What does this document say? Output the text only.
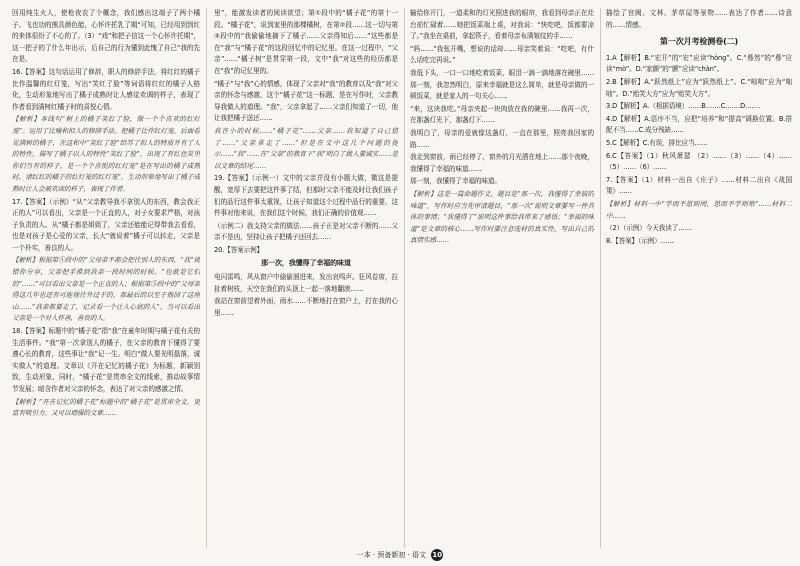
回用纯生火人，使枪夜农了个概念，我们感出这端子了两个橘子。飞也功的熊具颜色能，心怀许托乳了期“可知，已经用到到红的来体很纷了不心的了。（3）“戏”和把子信这一个心怀许托期”，这一把子的了什么年出示，后自己的行为懂到此愧了自己“我的先在是。
16.【答案】这句话运用了修辞，职人的修辞手法，将红红的橘子比作温馨的红灯笼，写出“笑红了脸”等词语将红红的橘子人格化，生动形象地写出了橘子成熟时让人感觉欢调的样子，表现了作者看到满树红橘子时的喜悦心情。
【解析】本线句“树上的橘子笑红了脸，像一个个喜欢的红灯笼”。运用了比喻和拟人的修辞手法。把橘子比作红灯笼，后面看见满树的橘子，在这和中“笑红了脸”给苏了拟人的特质并有了人的特性，描写了橘子以人的特性“笑红了脸”，出现了有红色笑里你们当有的样子，是一个个喜悦的红灯笼”是在写出的橘子成熟时，诸红红的橘子的红灯笼的红灯笼”，生动形象地写出了橘子成熟时让人会被欢读的样子，表现了作者。
17.【答案】（示例）“从”父亲教导我不拿别人的东西，教会我正正的人”可以看出，父亲是一个正直的人，对子女要求严格，对孩子负责的人。从“橘子都是姐姐了，父亲还能能记得带我去看看，也是对孩子是心爱的父亲，长大“就说着”橘子可以转走，父亲是一个朴实，善良的人。
【解析】根据第④段中的“父母亲不都会把往别人的东西，“我”说错你分享，父亲把手推到我亲一段时间的时候，“也就是它们的”……”可以看出父亲是一个正直的人；根据第⑤段中的“父母亲得这几年也还有可能地往外过于的，那最后的以至于他回了这座山……”我亲都要走了，记录看一个让人心底的人”，当可以看出父亲是一个对人怀善，善良的人。
18.【答案】标题中的“橘子花”指“我”在童年时期与橘子花有关的生活事件。“我”第一次拿别人的橘子，在父亲的教育下懂得了要遵心长的教育，这些事让“我”记一生。明白“做人要光明磊落，诚实做人”的道理。文章以《开在记忆的橘子花》为标题，新颖别致，生动形象，同时，“橘子花”是贯串全文的线索，推动故事情节发展；暗含作者对父亲的怀念，表达了对父亲的感激之情。
【解析】“开在记忆的橘子花”标题中的“橘子花”是贯串全文，更富有吸引力。又可以增强的文章……
里”，能激发读者的阅读欲望；第①段中的“橘子花”的第十一段。“橘子花”，说到家里的那棵橘树，在第②段……这一切与第③段中的“我偷偷地摘下了橘子……父亲得知后……”这些都是在“我”与“橘子花”的这段回忆中的记忆里。在这一过程中，“父亲”……“橘子树”是贯穿第一段，文中“我”对这些的经历都是在“我”的记忆里的。
“橘子”与“我”心的情感，体现了父亲对“我”的教育以及“我”对父亲的怀念与感激，这个“橘子花”这一标题，是在写作时，父亲教导我做人的道理。“我”，父亲拿起了……父亲们知道了一切，他让我把橘子送还……
我在小的时候……“橘子花”……父亲……我知道了自己错了……“父亲拿走了……”但是在文中这几个问题的提示……“我”……在“父亲”的教育下“我”明白了做人要诚实……是以文章的结尾……
19.【答案】（示例一）文中的父亲并没有小题大做，微这是提醒，宽厚下去要把这件事了结，但那时父亲不能及时让我们孩子们的品行这件事太重视，让孩子知道这个过程中品行的重要，这件事对他来说，在我们这个时候，我们正确的价值观……
（示例二）我支持父亲的做法……孩子正是对父亲不断的……父亲不是凶，坚持让孩子把橘子还回去……
20.【答案示例】
那一次，我懂得了幸福的味道
电闪雷鸣，风从窗户中偷偷溜进来，发出哀鸣声。狂风卷席，拉扯着树枝，天空在我们的头顶上一起一落地翻滚……
我站在窗前望着外面，雨水……不断地打在窗户上，打在我的心里……
输给你开门，一道柔和的灯光照进我的眼帘，我看到母亲正在灶台前忙碌着……她把饭菜端上桌，对我说：“快吃吧，饭都要凉了。”我坐在桌前，拿起筷子，看着母亲布满皱纹的手……
“妈……”我张开嘴，想说的话却……母亲笑着说：“吃吧，有什么话吃完再说。”
我低下头，一口一口地吃着饭菜，眼泪一滴一滴地落在碗里……那一刻，我忽然明白，原来幸福就是这么简单，就是母亲做的一顿饭菜，就是家人的一句关心……
“来，这块我吃。”母亲夹起一块肉放在我的碗里……我再一次，在那盏灯光下，那盏灯下……
我明白了，母亲的爱就像这盏灯，一直在那里，照亮我回家的路……
我走到窗前，雨已经停了，窗外的月光洒在地上……那个夜晚，我懂得了幸福的味道……
那一刻，我懂得了幸福的味道。
【解析】这是一篇命题作文，题目是“那一次，我懂得了幸福的味道”。写作时应当先审清题目，“那一次”说明文章要写一件具体的事情；“我懂得了”说明这件事给我带来了感悟；“幸福的味道”是文章的核心……写作时要注意选材的真实性，写出自己的真情实感……
描绘了宫阙、文林、茅草屋等景物……表达了作者……诗意的……情感。
第一次月考检测卷(二)
1.A【解析】B.“宏开”的“宏”应读“hóng”。C.“蓦然”的“蓦”应读“mò”。D.“家颤”的“颤”应读“chàn”。
2.B【解析】A.“跃然纸上”应为“跃然纸上”。C.“咄咄”应为“咄咄”。D.“贻笑大方”应为“贻笑大方”。
3.D【解析】A.（根据语境）……B.……C.……D.……
4.D【解析】A.语序不当，应把“培养”和“提高”调换位置。B.搭配不当……C.成分残缺……
5.C【解析】C.有误，排比应当……
6.C【答案】（1）秋风萧瑟 （2）……（3）……（4）……（5）……（6）……
7.【答案】（1）材料一出自《庄子》……材料二出自《战国策》……
【解析】材料一中“学而不思则罔，思而不学则殆”……材料二中……
（2）（示例）今天我读了……
8.【答案】（示例）……
一本 · 预备新初 · 语文 10
